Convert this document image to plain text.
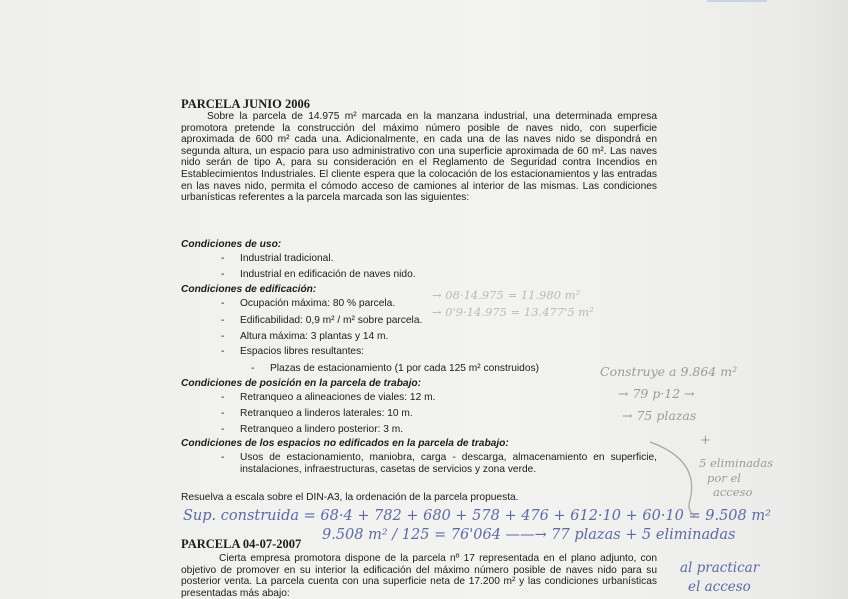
PARCELA JUNIO 2006
Sobre la parcela de 14.975 m² marcada en la manzana industrial, una determinada empresa promotora pretende la construcción del máximo número posible de naves nido, con superficie aproximada de 600 m² cada una. Adicionalmente, en cada una de las naves nido se dispondrá en segunda altura, un espacio para uso administrativo con una superficie aproximada de 60 m². Las naves nido serán de tipo A, para su consideración en el Reglamento de Seguridad contra Incendios en Establecimientos Industriales. El cliente espera que la colocación de los estacionamientos y las entradas en las naves nido, permita el cómodo acceso de camiones al interior de las mismas. Las condiciones urbanísticas referentes a la parcela marcada son las siguientes:
Condiciones de uso:
- Industrial tradicional.
- Industrial en edificación de naves nido.
Condiciones de edificación:
- Ocupación máxima: 80 % parcela.
- Edificabilidad: 0,9 m² / m² sobre parcela.
- Altura máxima: 3 plantas y 14 m.
- Espacios libres resultantes:
- Plazas de estacionamiento (1 por cada 125 m² construidos)
Condiciones de posición en la parcela de trabajo:
- Retranqueo a alineaciones de viales: 12 m.
- Retranqueo a linderos laterales: 10 m.
- Retranqueo a lindero posterior: 3 m.
Condiciones de los espacios no edificados en la parcela de trabajo:
- Usos de estacionamiento, maniobra, carga - descarga, almacenamiento en superficie, instalaciones, infraestructuras, casetas de servicios y zona verde.
Resuelva a escala sobre el DIN-A3, la ordenación de la parcela propuesta.
Sup. construida = 68·4 + 782 + 680 + 578 + 476 + 612·10 + 60·10 = 9.508 m²
PARCELA 04-07-2007
9.508 m² / 125 = 76'064 ——→ 77 plazas + 5 eliminadas
Cierta empresa promotora dispone de la parcela nº 17 representada en el plano adjunto, con objetivo de promover en su interior la edificación del máximo número posible de naves nido para su posterior venta. La parcela cuenta con una superficie neta de 17.200 m² y las condiciones urbanísticas presentadas más abajo:
→ 08·14.975 = 11.980 m²
→ 0'9·14.975 = 13.477'5 m²
Construye a 9.864 m²
→ 79 p·12 →
→ 75 plazas
+
5 eliminadas
por el
acceso
al practicar
el acceso
